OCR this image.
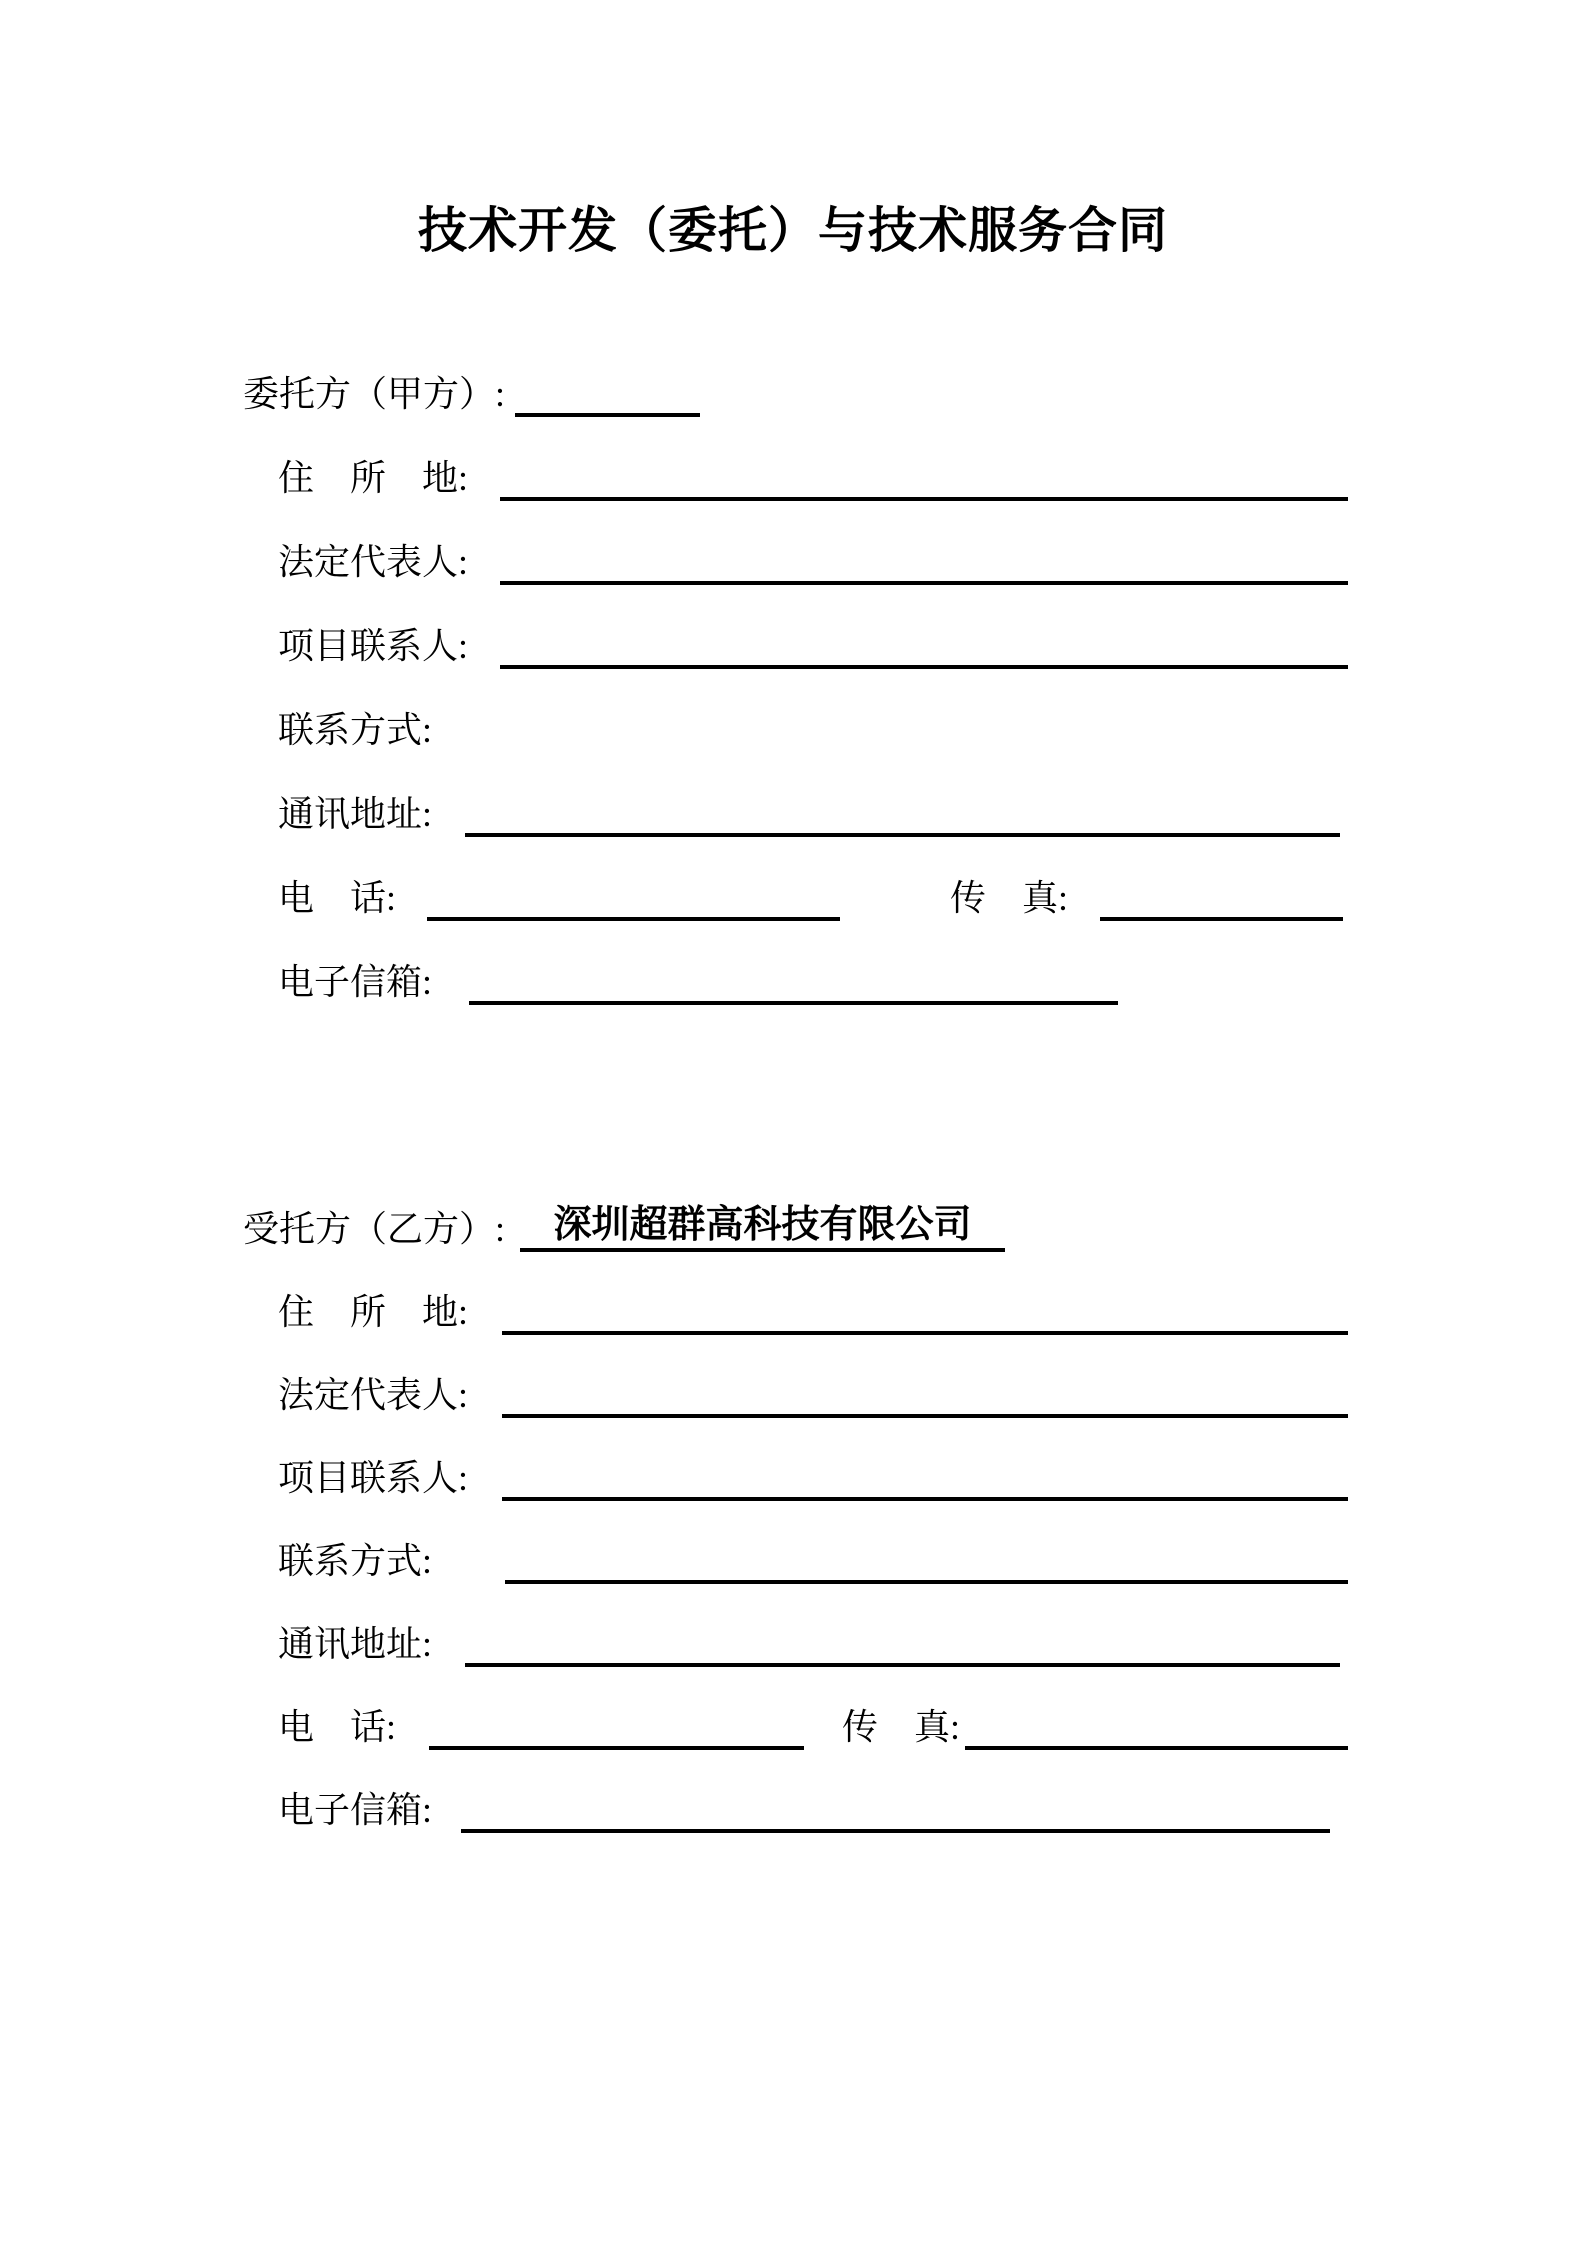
技术开发（委托）与技术服务合同
委托方（甲方）:
住　所　地:
法定代表人:
项目联系人:
联系方式:
通讯地址:
电　话:	传　真:
电子信箱:
受托方（乙方）:	深圳超群高科技有限公司
住　所　地:
法定代表人:
项目联系人:
联系方式:
通讯地址:
电　话:	传　真:
电子信箱:
